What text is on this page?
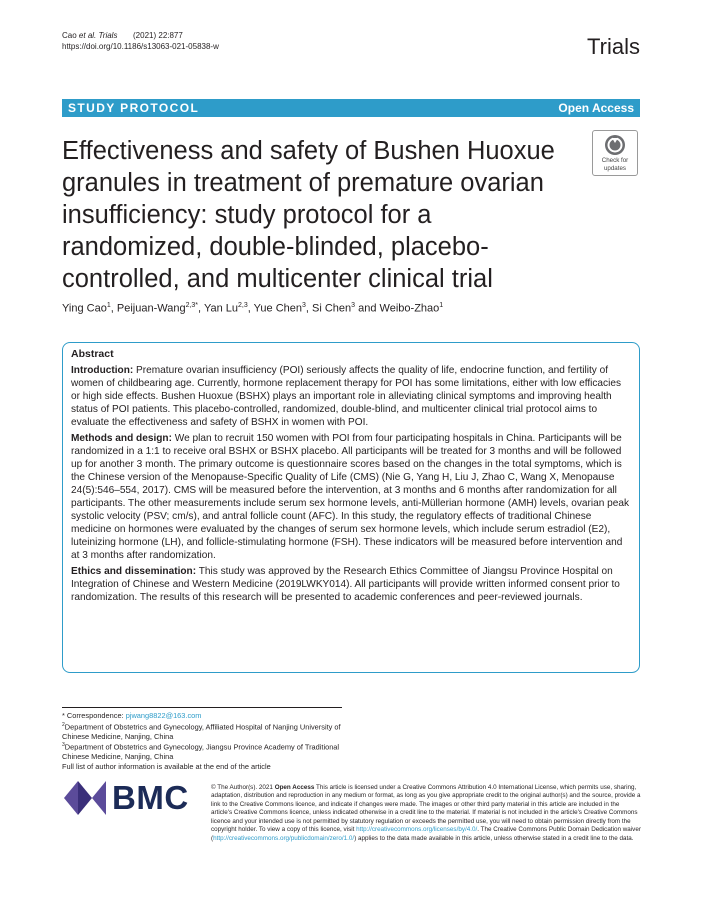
Cao et al. Trials (2021) 22:877
https://doi.org/10.1186/s13063-021-05838-w	Trials
STUDY PROTOCOL	Open Access
Effectiveness and safety of Bushen Huoxue granules in treatment of premature ovarian insufficiency: study protocol for a randomized, double-blinded, placebo-controlled, and multicenter clinical trial
Check for
updates
Ying Cao$^1$, Peijuan-Wang$^{2,3*}$, Yan Lu$^{2,3}$, Yue Chen$^3$, Si Chen$^3$ and Weibo-Zhao$^1$
Abstract

Introduction: Premature ovarian insufficiency (POI) seriously affects the quality of life, endocrine function, and fertility of women of childbearing age. Currently, hormone replacement therapy for POI has some limitations, either with low efficacies or high side effects. Bushen Huoxue (BSHX) plays an important role in alleviating clinical symptoms and improving health status of POI patients. This placebo-controlled, randomized, double-blind, and multicenter clinical trial protocol aims to evaluate the effectiveness and safety of BSHX in women with POI.

Methods and design: We plan to recruit 150 women with POI from four participating hospitals in China. Participants will be randomized in a 1:1 to receive oral BSHX or BSHX placebo. All participants will be treated for 3 months and will be followed up for another 3 month. The primary outcome is questionnaire scores based on the changes in the total symptoms, which is the Chinese version of the Menopause-Specific Quality of Life (CMS) (Nie G, Yang H, Liu J, Zhao C, Wang X, Menopause 24(5):546–554, 2017). CMS will be measured before the intervention, at 3 months and 6 months after randomization for all participants. The other measurements include serum sex hormone levels, anti-Müllerian hormone (AMH) levels, ovarian peak systolic velocity (PSV; cm/s), and antral follicle count (AFC). In this study, the regulatory effects of traditional Chinese medicine on hormones were evaluated by the changes of serum sex hormone levels, which include serum estradiol (E2), luteinizing hormone (LH), and follicle-stimulating hormone (FSH). These indicators will be measured before intervention and at 3 months after randomization.

Ethics and dissemination: This study was approved by the Research Ethics Committee of Jiangsu Province Hospital on Integration of Chinese and Western Medicine (2019LWKY014). All participants will provide written informed consent prior to randomization. The results of this research will be presented to academic conferences and peer-reviewed journals.

* Correspondence: pjwang8822@163.com
$^2$Department of Obstetrics and Gynecology, Affiliated Hospital of Nanjing University of Chinese Medicine, Nanjing, China
$^3$Department of Obstetrics and Gynecology, Jiangsu Province Academy of Traditional Chinese Medicine, Nanjing, China
Full list of author information is available at the end of the article
BMC	© The Author(s). 2021 Open Access This article is licensed under a Creative Commons Attribution 4.0 International License, which permits use, sharing, adaptation, distribution and reproduction in any medium or format, as long as you give appropriate credit to the original author(s) and the source, provide a link to the Creative Commons licence, and indicate if changes were made. The images or other third party material in this article are included in the article's Creative Commons licence, unless indicated otherwise in a credit line to the material. If material is not included in the article's Creative Commons licence and your intended use is not permitted by statutory regulation or exceeds the permitted use, you will need to obtain permission directly from the copyright holder. To view a copy of this licence, visit http://creativecommons.org/licenses/by/4.0/. The Creative Commons Public Domain Dedication waiver (http://creativecommons.org/publicdomain/zero/1.0/) applies to the data made available in this article, unless otherwise stated in a credit line to the data.
